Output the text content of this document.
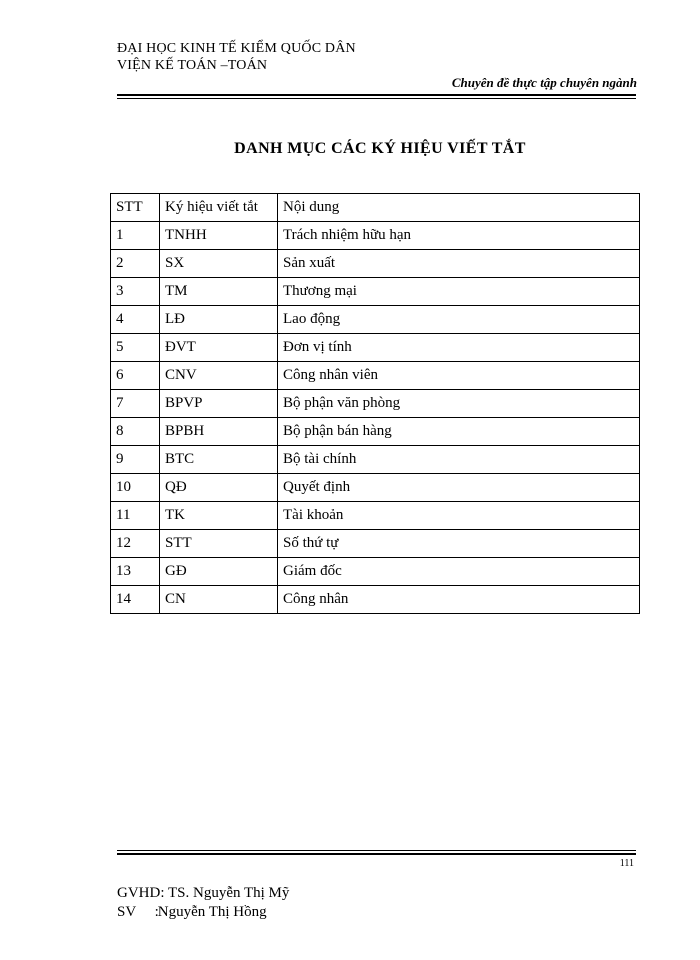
ĐẠI HỌC KINH TẾ KIỂM QUỐC DÂN
VIỆN KẾ TOÁN –TOÁN
Chuyên đề thực tập chuyên ngành
DANH MỤC CÁC KÝ HIỆU VIẾT TẮT
STT	Ký hiệu viết tắt	Nội dung
1	TNHH	Trách nhiệm hữu hạn
2	SX	Sản xuất
3	TM	Thương mại
4	LĐ	Lao động
5	ĐVT	Đơn vị tính
6	CNV	Công nhân viên
7	BPVP	Bộ phận văn phòng
8	BPBH	Bộ phận bán hàng
9	BTC	Bộ tài chính
10	QĐ	Quyết định
11	TK	Tài khoản
12	STT	Số thứ tự
13	GĐ	Giám đốc
14	CN	Công nhân
111
GVHD: TS. Nguyễn Thị Mỹ
SV     : Nguyễn Thị Hồng
